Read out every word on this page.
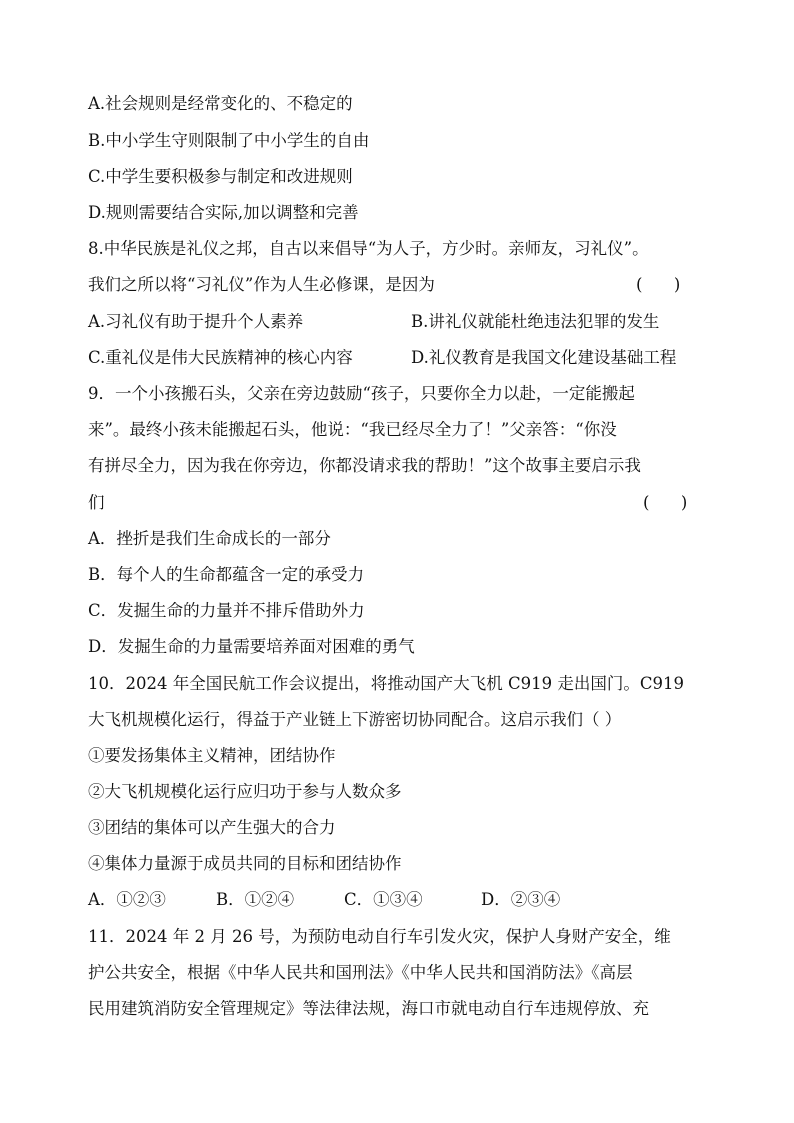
A.社会规则是经常变化的、不稳定的
B.中小学生守则限制了中小学生的自由
C.中学生要积极参与制定和改进规则
D.规则需要结合实际,加以调整和完善
8.中华民族是礼仪之邦，自古以来倡导“为人子，方少时。亲师友，习礼仪”。
我们之所以将“习礼仪”作为人生必修课，是因为	(      )
A.习礼仪有助于提升个人素养	B.讲礼仪就能杜绝违法犯罪的发生
C.重礼仪是伟大民族精神的核心内容	D.礼仪教育是我国文化建设基础工程
9．一个小孩搬石头，父亲在旁边鼓励“孩子，只要你全力以赴，一定能搬起
来”。最终小孩未能搬起石头，他说：“我已经尽全力了！”父亲答：“你没
有拼尽全力，因为我在你旁边，你都没请求我的帮助！”这个故事主要启示我
们	(      )
A．挫折是我们生命成长的一部分
B．每个人的生命都蕴含一定的承受力
C．发掘生命的力量并不排斥借助外力
D．发掘生命的力量需要培养面对困难的勇气
10．2024 年全国民航工作会议提出，将推动国产大飞机 C919 走出国门。C919
大飞机规模化运行，得益于产业链上下游密切协同配合。这启示我们（ ）
①要发扬集体主义精神，团结协作
②大飞机规模化运行应归功于参与人数众多
③团结的集体可以产生强大的合力
④集体力量源于成员共同的目标和团结协作
A．①②③	B．①②④	C．①③④	D．②③④
11．2024 年 2 月 26 号，为预防电动自行车引发火灾，保护人身财产安全，维
护公共安全，根据《中华人民共和国刑法》《中华人民共和国消防法》《高层
民用建筑消防安全管理规定》等法律法规，海口市就电动自行车违规停放、充
